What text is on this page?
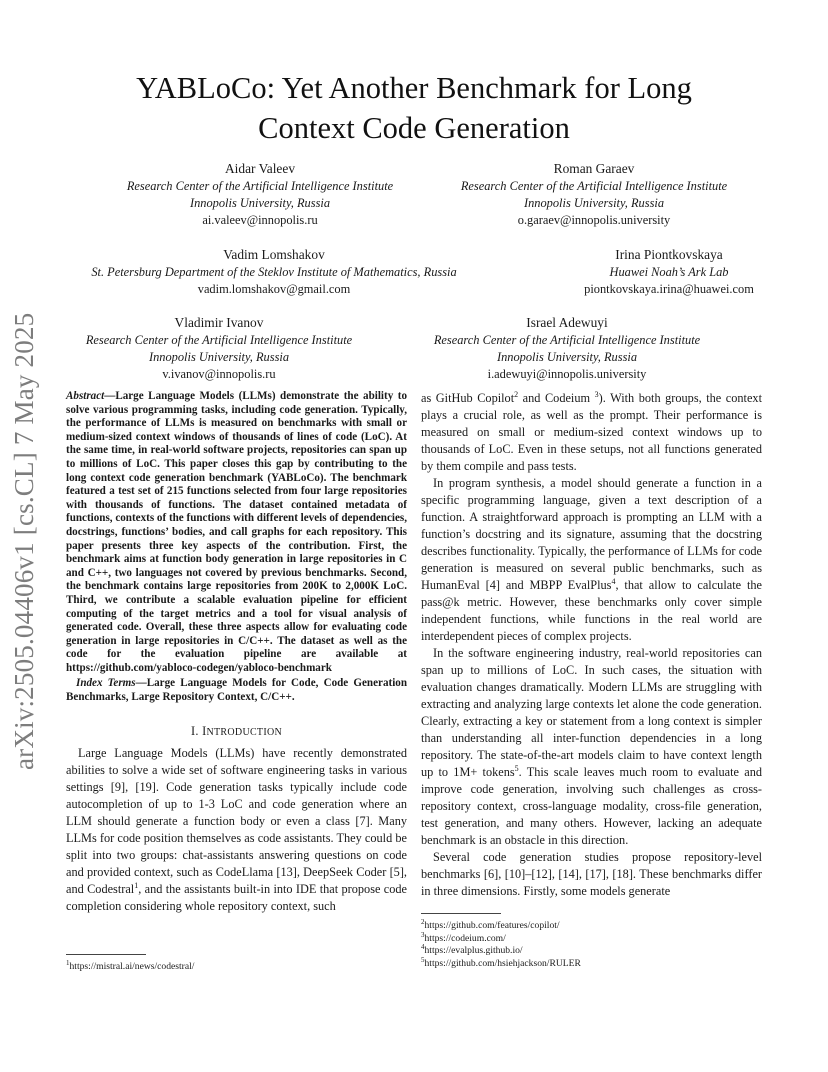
arXiv:2505.04406v1 [cs.CL] 7 May 2025
YABLoCo: Yet Another Benchmark for Long
Context Code Generation
Aidar Valeev
Research Center of the Artificial Intelligence Institute
Innopolis University, Russia
ai.valeev@innopolis.ru
Roman Garaev
Research Center of the Artificial Intelligence Institute
Innopolis University, Russia
o.garaev@innopolis.university
Vadim Lomshakov
St. Petersburg Department of the Steklov Institute of Mathematics, Russia
vadim.lomshakov@gmail.com
Irina Piontkovskaya
Huawei Noah’s Ark Lab
piontkovskaya.irina@huawei.com
Vladimir Ivanov
Research Center of the Artificial Intelligence Institute
Innopolis University, Russia
v.ivanov@innopolis.ru
Israel Adewuyi
Research Center of the Artificial Intelligence Institute
Innopolis University, Russia
i.adewuyi@innopolis.university

Abstract—Large Language Models (LLMs) demonstrate the ability to solve various programming tasks, including code generation. Typically, the performance of LLMs is measured on benchmarks with small or medium-sized context windows of thousands of lines of code (LoC). At the same time, in real-world software projects, repositories can span up to millions of LoC. This paper closes this gap by contributing to the long context code generation benchmark (YABLoCo). The benchmark featured a test set of 215 functions selected from four large repositories with thousands of functions. The dataset contained metadata of functions, contexts of the functions with different levels of dependencies, docstrings, functions’ bodies, and call graphs for each repository. This paper presents three key aspects of the contribution. First, the benchmark aims at function body generation in large repositories in C and C++, two languages not covered by previous benchmarks. Second, the benchmark contains large repositories from 200K to 2,000K LoC. Third, we contribute a scalable evaluation pipeline for efficient computing of the target metrics and a tool for visual analysis of generated code. Overall, these three aspects allow for evaluating code generation in large repositories in C/C++. The dataset as well as the code for the evaluation pipeline are available at https://github.com/yabloco-codegen/yabloco-benchmark

Index Terms—Large Language Models for Code, Code Generation Benchmarks, Large Repository Context, C/C++.

I. INTRODUCTION

Large Language Models (LLMs) have recently demonstrated abilities to solve a wide set of software engineering tasks in various settings [9], [19]. Code generation tasks typically include code autocompletion of up to 1-3 LoC and code generation where an LLM should generate a function body or even a class [7]. Many LLMs for code position themselves as code assistants. They could be split into two groups: chat-assistants answering questions on code and provided context, such as CodeLlama [13], DeepSeek Coder [5], and Codestral$^1$, and the assistants built-in into IDE that propose code completion considering whole repository context, such

as GitHub Copilot$^2$ and Codeium $^3$). With both groups, the context plays a crucial role, as well as the prompt. Their performance is measured on small or medium-sized context windows up to thousands of LoC. Even in these setups, not all functions generated by them compile and pass tests.

In program synthesis, a model should generate a function in a specific programming language, given a text description of a function. A straightforward approach is prompting an LLM with a function’s docstring and its signature, assuming that the docstring describes functionality. Typically, the performance of LLMs for code generation is measured on several public benchmarks, such as HumanEval [4] and MBPP EvalPlus$^4$, that allow to calculate the pass@k metric. However, these benchmarks only cover simple independent functions, while functions in the real world are interdependent pieces of complex projects.

In the software engineering industry, real-world repositories can span up to millions of LoC. In such cases, the situation with evaluation changes dramatically. Modern LLMs are struggling with extracting and analyzing large contexts let alone the code generation. Clearly, extracting a key or statement from a long context is simpler than understanding all inter-function dependencies in a long repository. The state-of-the-art models claim to have context length up to 1M+ tokens$^5$. This scale leaves much room to evaluate and improve code generation, involving such challenges as cross-repository context, cross-language modality, cross-file generation, test generation, and many others. However, lacking an adequate benchmark is an obstacle in this direction.

Several code generation studies propose repository-level benchmarks [6], [10]–[12], [14], [17], [18]. These benchmarks differ in three dimensions. Firstly, some models generate

$^1$https://mistral.ai/news/codestral/
$^2$https://github.com/features/copilot/
$^3$https://codeium.com/
$^4$https://evalplus.github.io/
$^5$https://github.com/hsiehjackson/RULER
